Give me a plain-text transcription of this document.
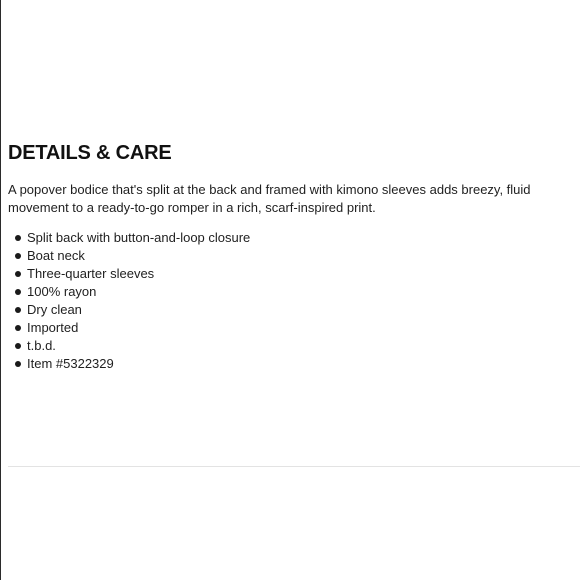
DETAILS & CARE

A popover bodice that's split at the back and framed with kimono sleeves adds breezy, fluid movement to a ready-to-go romper in a rich, scarf-inspired print.

Split back with button-and-loop closure
Boat neck
Three-quarter sleeves
100% rayon
Dry clean
Imported
t.b.d.
Item #5322329
